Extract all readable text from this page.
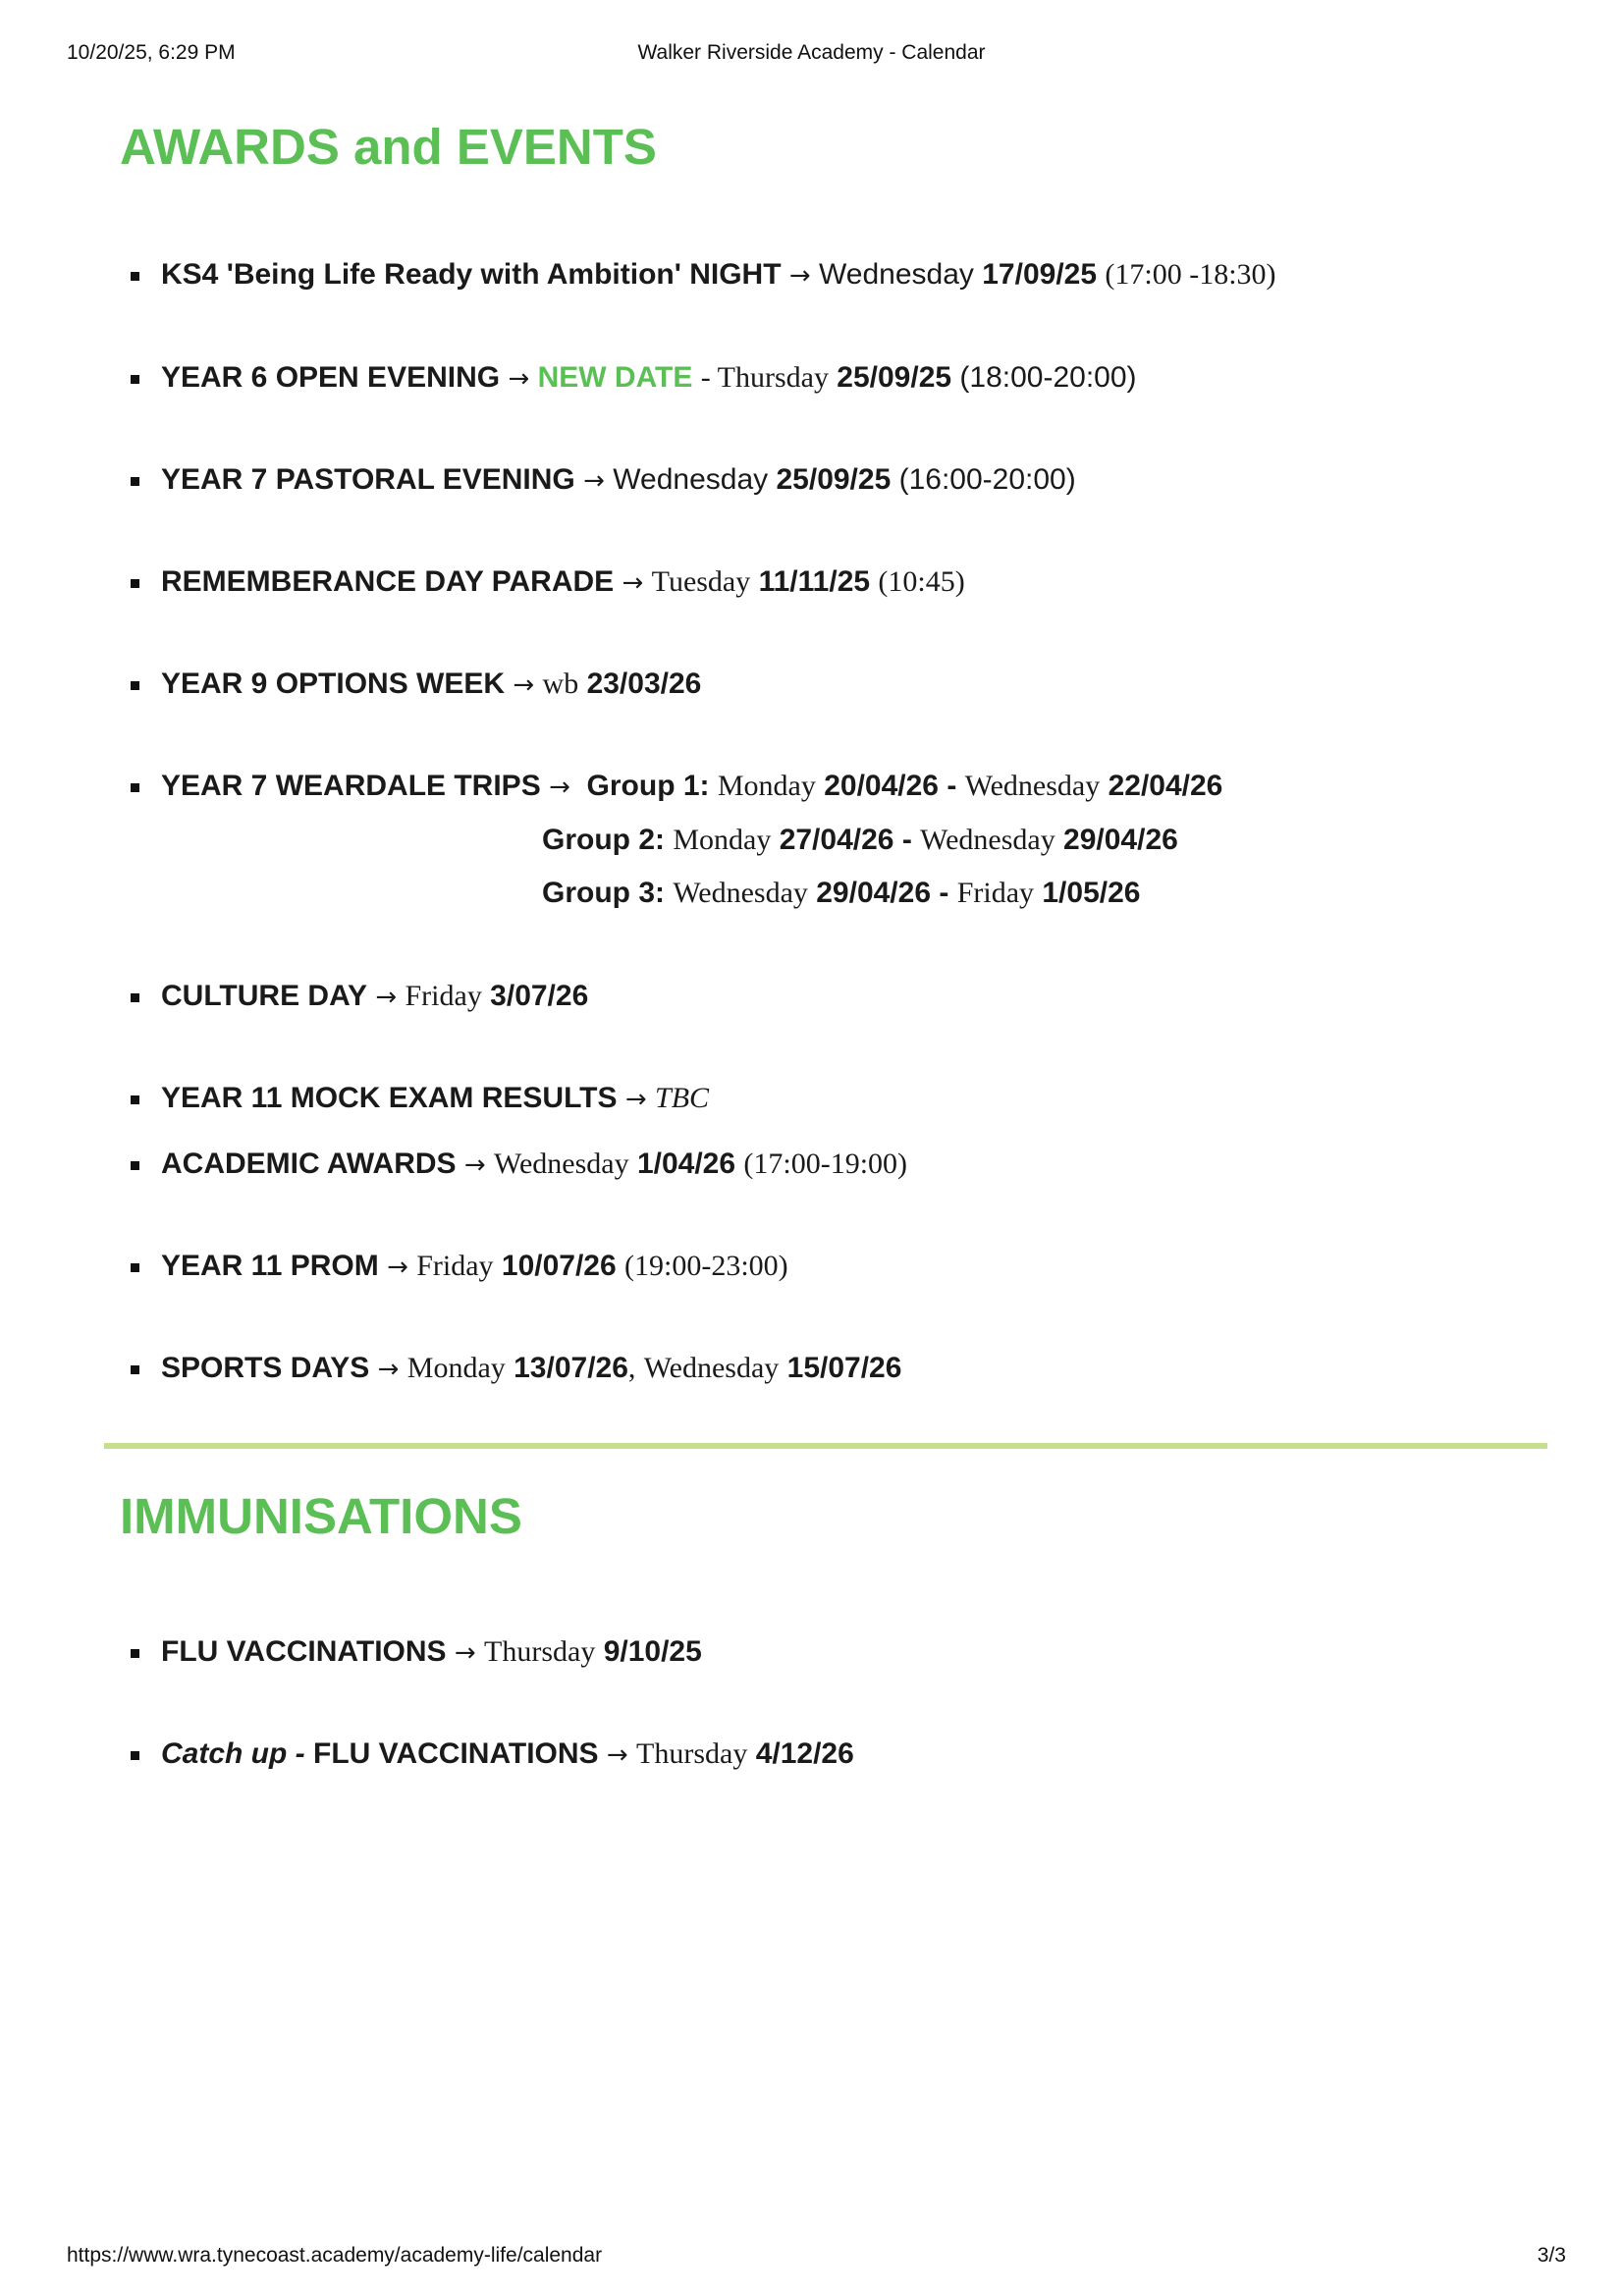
10/20/25, 6:29 PM	Walker Riverside Academy - Calendar
AWARDS and EVENTS
KS4 'Being Life Ready with Ambition' NIGHT → Wednesday 17/09/25 (17:00 -18:30)
YEAR 6 OPEN EVENING → NEW DATE - Thursday 25/09/25 (18:00-20:00)
YEAR 7 PASTORAL EVENING → Wednesday 25/09/25 (16:00-20:00)
REMEMBERANCE DAY PARADE → Tuesday 11/11/25 (10:45)
YEAR 9 OPTIONS WEEK → wb 23/03/26
YEAR 7 WEARDALE TRIPS → Group 1: Monday 20/04/26 - Wednesday 22/04/26
Group 2: Monday 27/04/26 - Wednesday 29/04/26
Group 3: Wednesday 29/04/26 - Friday 1/05/26
CULTURE DAY → Friday 3/07/26
YEAR 11 MOCK EXAM RESULTS → TBC
ACADEMIC AWARDS → Wednesday 1/04/26 (17:00-19:00)
YEAR 11 PROM → Friday 10/07/26 (19:00-23:00)
SPORTS DAYS → Monday 13/07/26, Wednesday 15/07/26
IMMUNISATIONS
FLU VACCINATIONS → Thursday 9/10/25
Catch up - FLU VACCINATIONS → Thursday 4/12/26
https://www.wra.tynecoast.academy/academy-life/calendar	3/3
